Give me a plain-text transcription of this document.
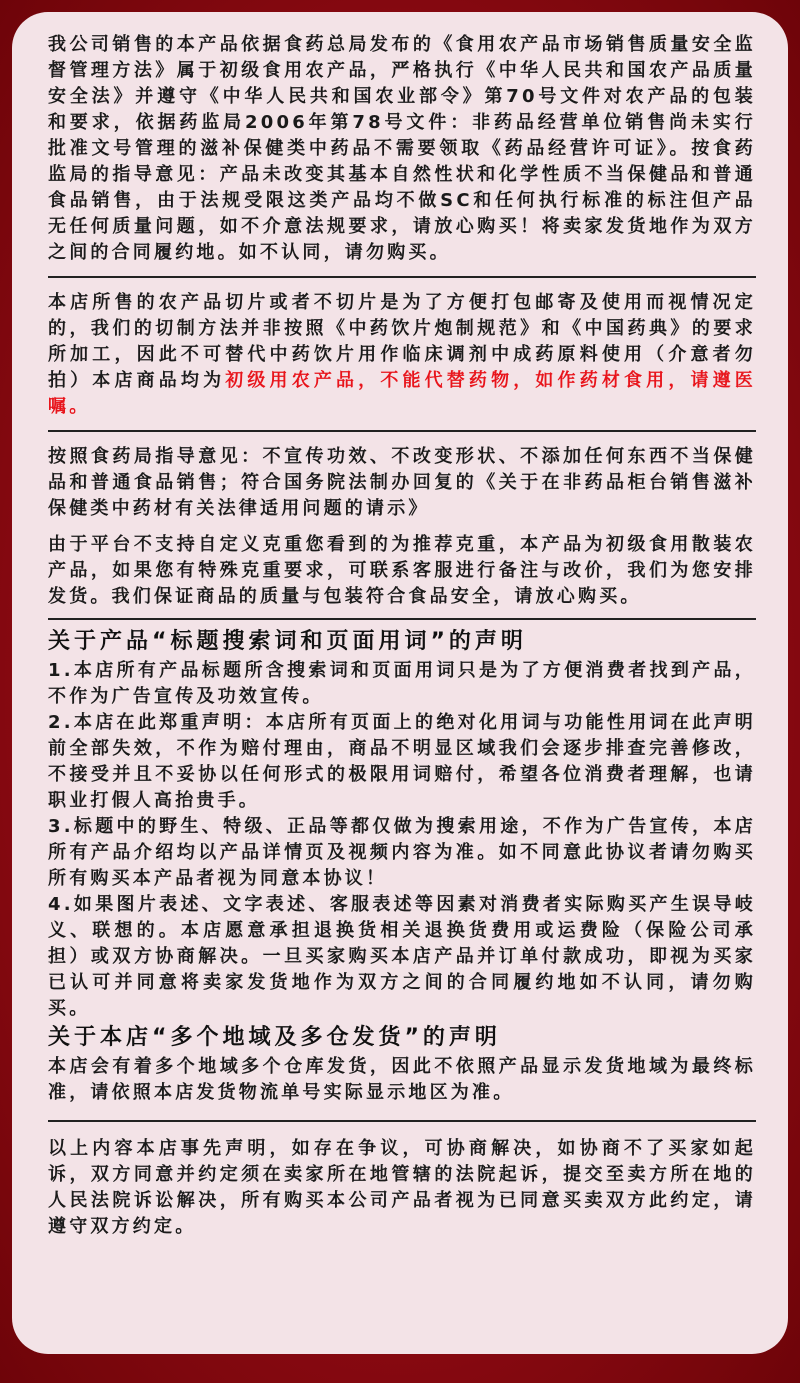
我公司销售的本产品依据食药总局发布的《食用农产品市场销售质量安全监督管理方法》属于初级食用农产品，严格执行《中华人民共和国农产品质量安全法》并遵守《中华人民共和国农业部令》第70号文件对农产品的包装和要求，依据药监局2006年第78号文件：非药品经营单位销售尚未实行批准文号管理的滋补保健类中药品不需要领取《药品经营许可证》。按食药监局的指导意见：产品未改变其基本自然性状和化学性质不当保健品和普通食品销售，由于法规受限这类产品均不做SC和任何执行标准的标注但产品无任何质量问题，如不介意法规要求，请放心购买！将卖家发货地作为双方之间的合同履约地。如不认同，请勿购买。

本店所售的农产品切片或者不切片是为了方便打包邮寄及使用而视情况定的，我们的切制方法并非按照《中药饮片炮制规范》和《中国药典》的要求所加工，因此不可替代中药饮片用作临床调剂中成药原料使用（介意者勿拍）本店商品均为初级用农产品，不能代替药物，如作药材食用，请遵医嘱。

按照食药局指导意见：不宣传功效、不改变形状、不添加任何东西不当保健品和普通食品销售；符合国务院法制办回复的《关于在非药品柜台销售滋补保健类中药材有关法律适用问题的请示》

由于平台不支持自定义克重您看到的为推荐克重，本产品为初级食用散装农产品，如果您有特殊克重要求，可联系客服进行备注与改价，我们为您安排发货。我们保证商品的质量与包装符合食品安全，请放心购买。

关于产品“标题搜索词和页面用词”的声明

1.本店所有产品标题所含搜索词和页面用词只是为了方便消费者找到产品，不作为广告宣传及功效宣传。

2.本店在此郑重声明：本店所有页面上的绝对化用词与功能性用词在此声明前全部失效，不作为赔付理由，商品不明显区域我们会逐步排查完善修改，不接受并且不妥协以任何形式的极限用词赔付，希望各位消费者理解，也请职业打假人高抬贵手。

3.标题中的野生、特级、正品等都仅做为搜索用途，不作为广告宣传，本店所有产品介绍均以产品详情页及视频内容为准。如不同意此协议者请勿购买所有购买本产品者视为同意本协议！

4.如果图片表述、文字表述、客服表述等因素对消费者实际购买产生误导岐义、联想的。本店愿意承担退换货相关退换货费用或运费险（保险公司承担）或双方协商解决。一旦买家购买本店产品并订单付款成功，即视为买家已认可并同意将卖家发货地作为双方之间的合同履约地如不认同，请勿购买。

关于本店“多个地域及多仓发货”的声明

本店会有着多个地域多个仓库发货，因此不依照产品显示发货地域为最终标准，请依照本店发货物流单号实际显示地区为准。

以上内容本店事先声明，如存在争议，可协商解决，如协商不了买家如起诉，双方同意并约定须在卖家所在地管辖的法院起诉，提交至卖方所在地的人民法院诉讼解决，所有购买本公司产品者视为已同意买卖双方此约定，请遵守双方约定。
